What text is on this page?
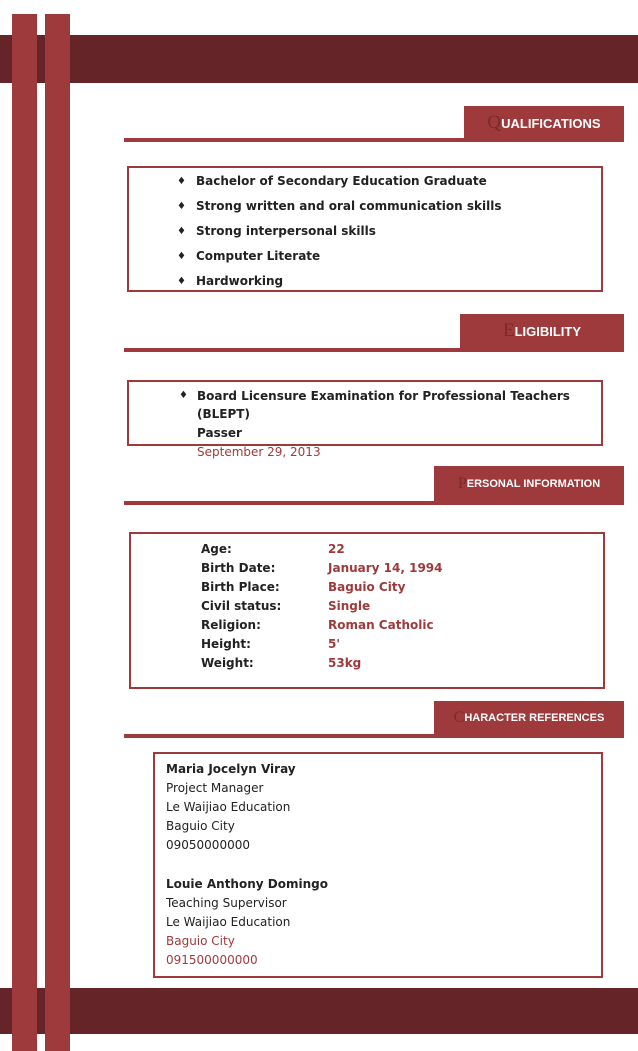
Q UALIFICATIONS
♦ Bachelor of Secondary Education Graduate
♦ Strong written and oral communication skills
♦ Strong interpersonal skills
♦ Computer Literate
♦ Hardworking
E LIGIBILITY
♦ Board Licensure Examination for Professional Teachers (BLEPT)
Passer
September 29, 2013
P ERSONAL INFORMATION
Age:	22
Birth Date:	January 14, 1994
Birth Place:	Baguio City
Civil status:	Single
Religion:	Roman Catholic
Height:	5'
Weight:	53kg
C HARACTER REFERENCES
Maria Jocelyn Viray
Project Manager
Le Waijiao Education
Baguio City
09050000000
Louie Anthony Domingo
Teaching Supervisor
Le Waijiao Education
Baguio City
091500000000
